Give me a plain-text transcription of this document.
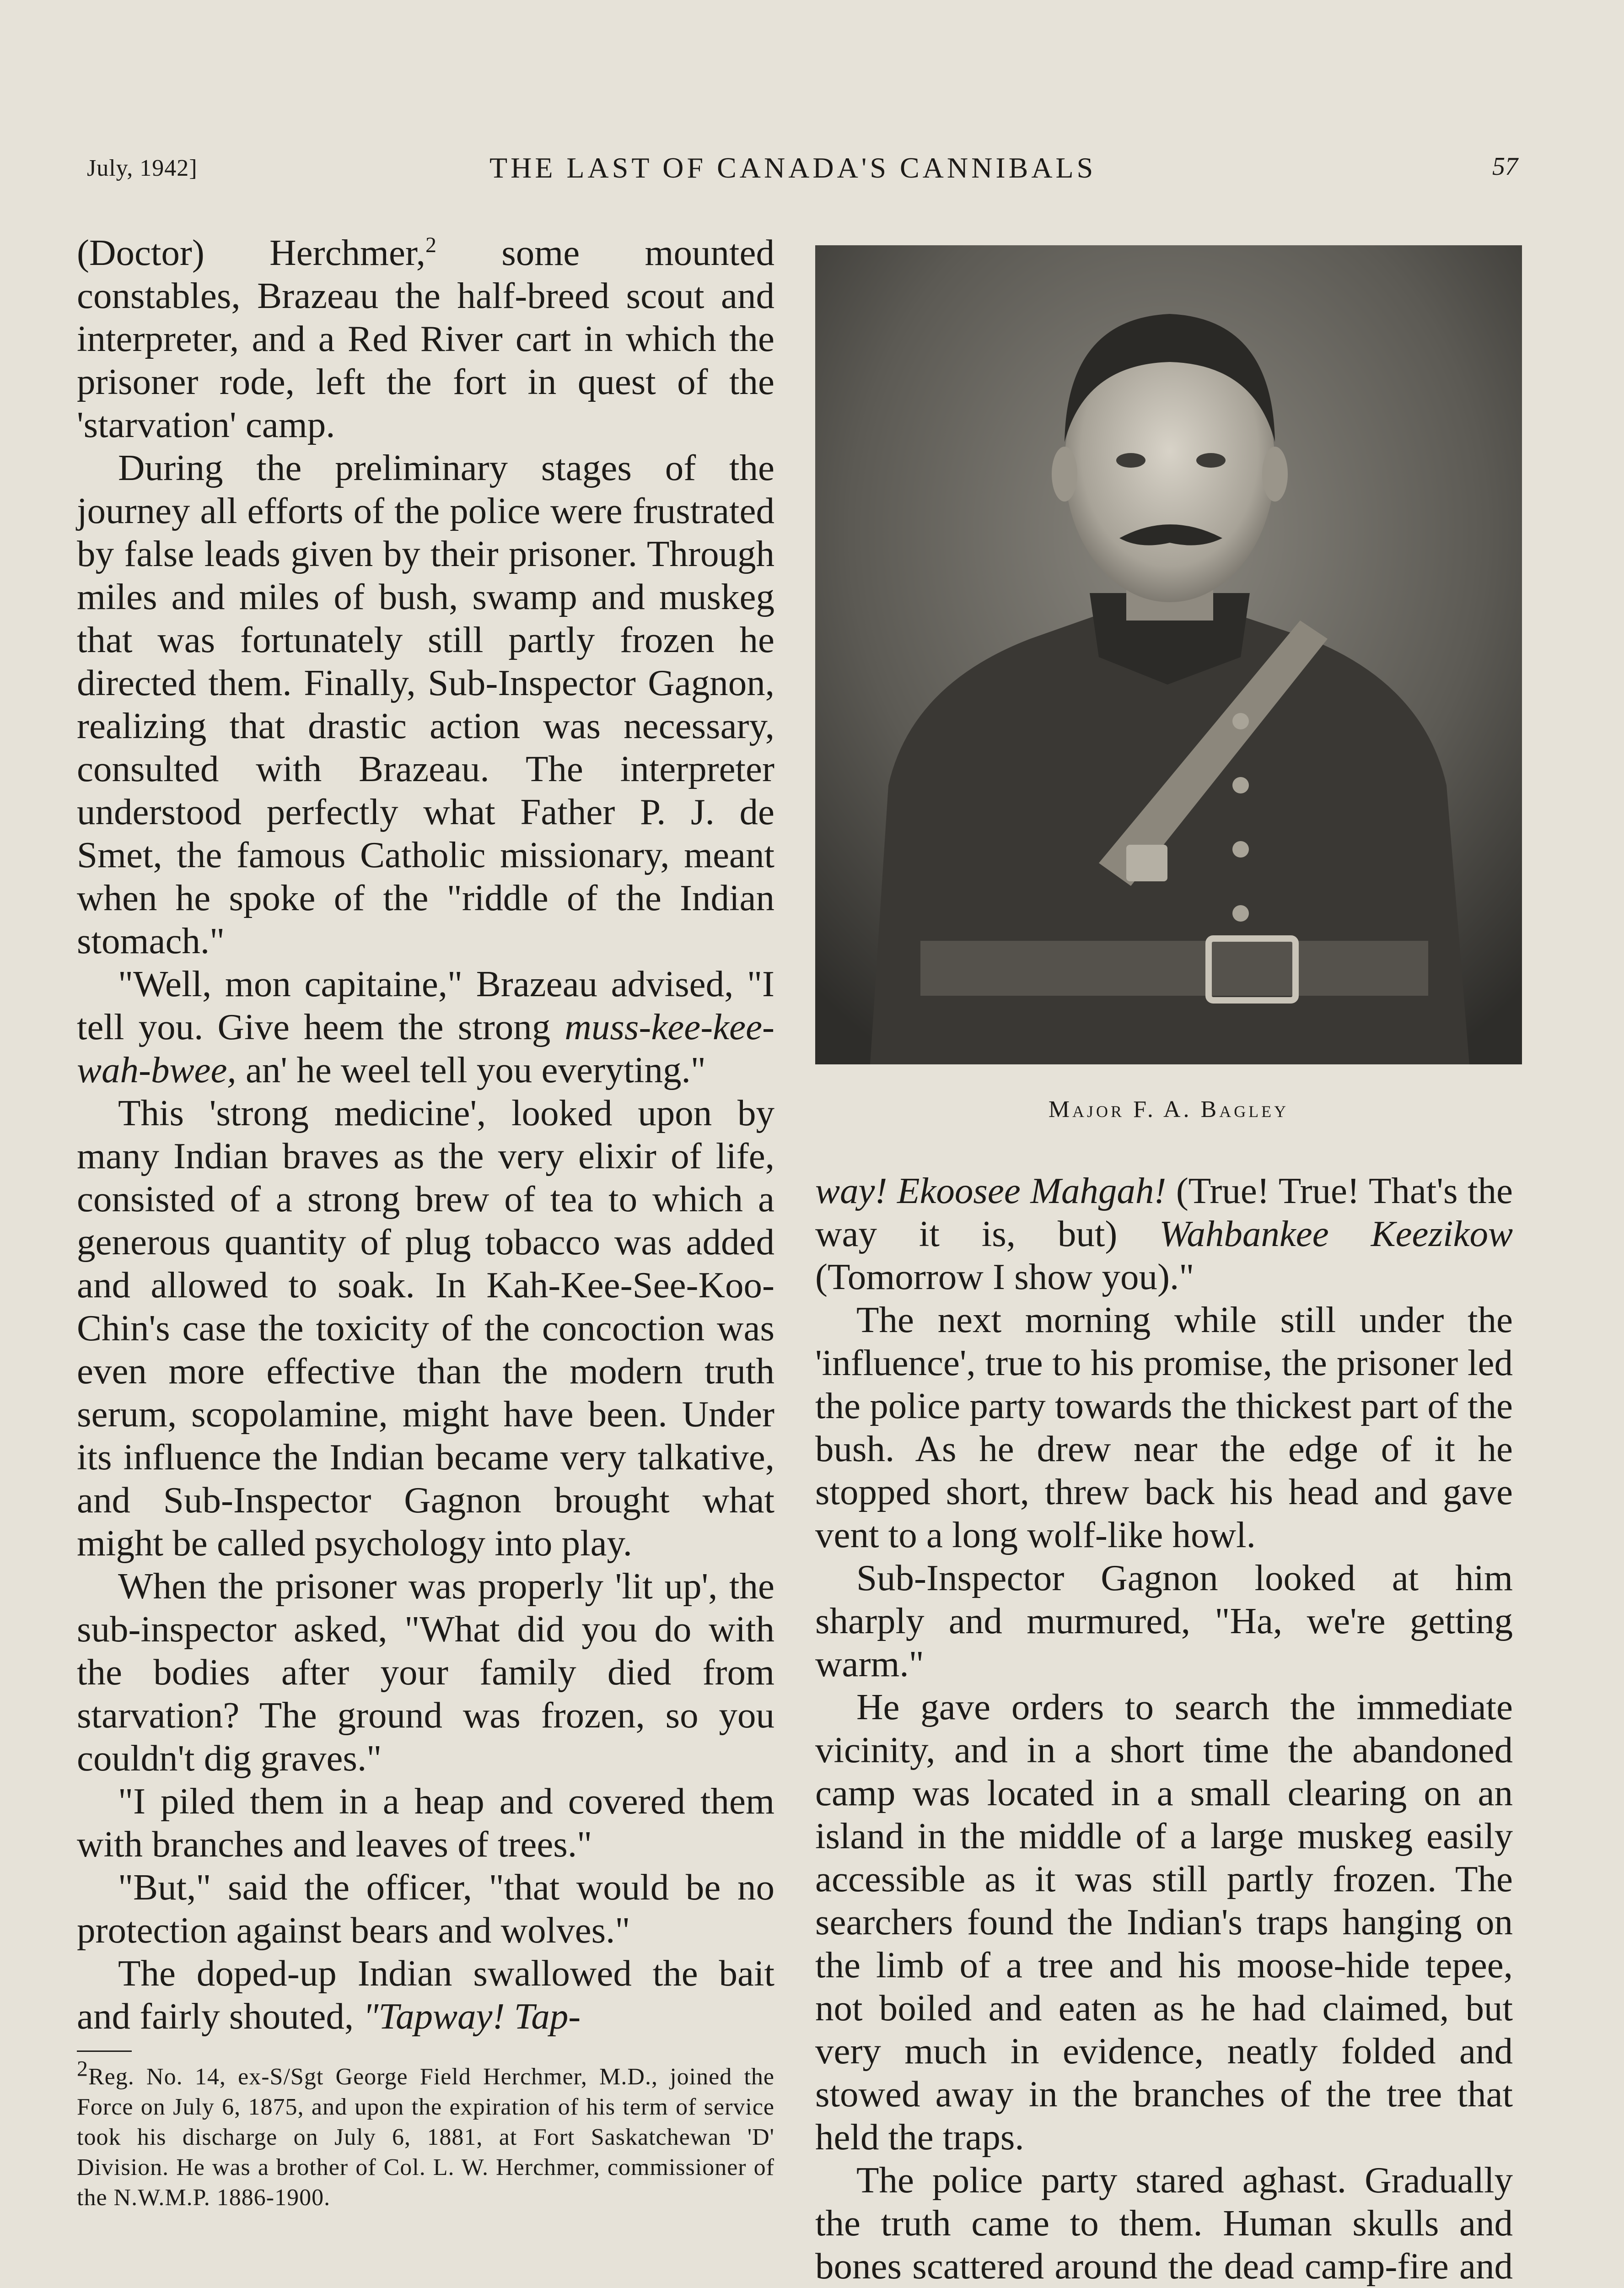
July, 1942]	THE LAST OF CANADA'S CANNIBALS	57

(Doctor) Herchmer,$^2$ some mounted constables, Brazeau the half-breed scout and interpreter, and a Red River cart in which the prisoner rode, left the fort in quest of the 'starvation' camp.

During the preliminary stages of the journey all efforts of the police were frustrated by false leads given by their prisoner. Through miles and miles of bush, swamp and muskeg that was fortunately still partly frozen he directed them. Finally, Sub-Inspector Gagnon, realizing that drastic action was necessary, consulted with Brazeau. The interpreter understood perfectly what Father P. J. de Smet, the famous Catholic missionary, meant when he spoke of the "riddle of the Indian stomach."

"Well, mon capitaine," Brazeau advised, "I tell you. Give heem the strong muss-kee-kee-wah-bwee, an' he weel tell you everyting."

This 'strong medicine', looked upon by many Indian braves as the very elixir of life, consisted of a strong brew of tea to which a generous quantity of plug tobacco was added and allowed to soak. In Kah-Kee-See-Koo-Chin's case the toxicity of the concoction was even more effective than the modern truth serum, scopolamine, might have been. Under its influence the Indian became very talkative, and Sub-Inspector Gagnon brought what might be called psychology into play.

When the prisoner was properly 'lit up', the sub-inspector asked, "What did you do with the bodies after your family died from starvation? The ground was frozen, so you couldn't dig graves."

"I piled them in a heap and covered them with branches and leaves of trees."

"But," said the officer, "that would be no protection against bears and wolves."

The doped-up Indian swallowed the bait and fairly shouted, "Tapway! Tap-

2Reg. No. 14, ex-S/Sgt George Field Herchmer, M.D., joined the Force on July 6, 1875, and upon the expiration of his term of service took his discharge on July 6, 1881, at Fort Saskatchewan 'D' Division. He was a brother of Col. L. W. Herchmer, commissioner of the N.W.M.P. 1886-1900.

Major F. A. Bagley

way! Ekoosee Mahgah! (True! True! That's the way it is, but) Wahbankee Keezikow (Tomorrow I show you)."

The next morning while still under the 'influence', true to his promise, the prisoner led the police party towards the thickest part of the bush. As he drew near the edge of it he stopped short, threw back his head and gave vent to a long wolf-like howl.

Sub-Inspector Gagnon looked at him sharply and murmured, "Ha, we're getting warm."

He gave orders to search the immediate vicinity, and in a short time the abandoned camp was located in a small clearing on an island in the middle of a large muskeg easily accessible as it was still partly frozen. The searchers found the Indian's traps hanging on the limb of a tree and his moose-hide tepee, not boiled and eaten as he had claimed, but very much in evidence, neatly folded and stowed away in the branches of the tree that held the traps.

The police party stared aghast. Gradually the truth came to them. Human skulls and bones scattered around the dead camp-fire and
